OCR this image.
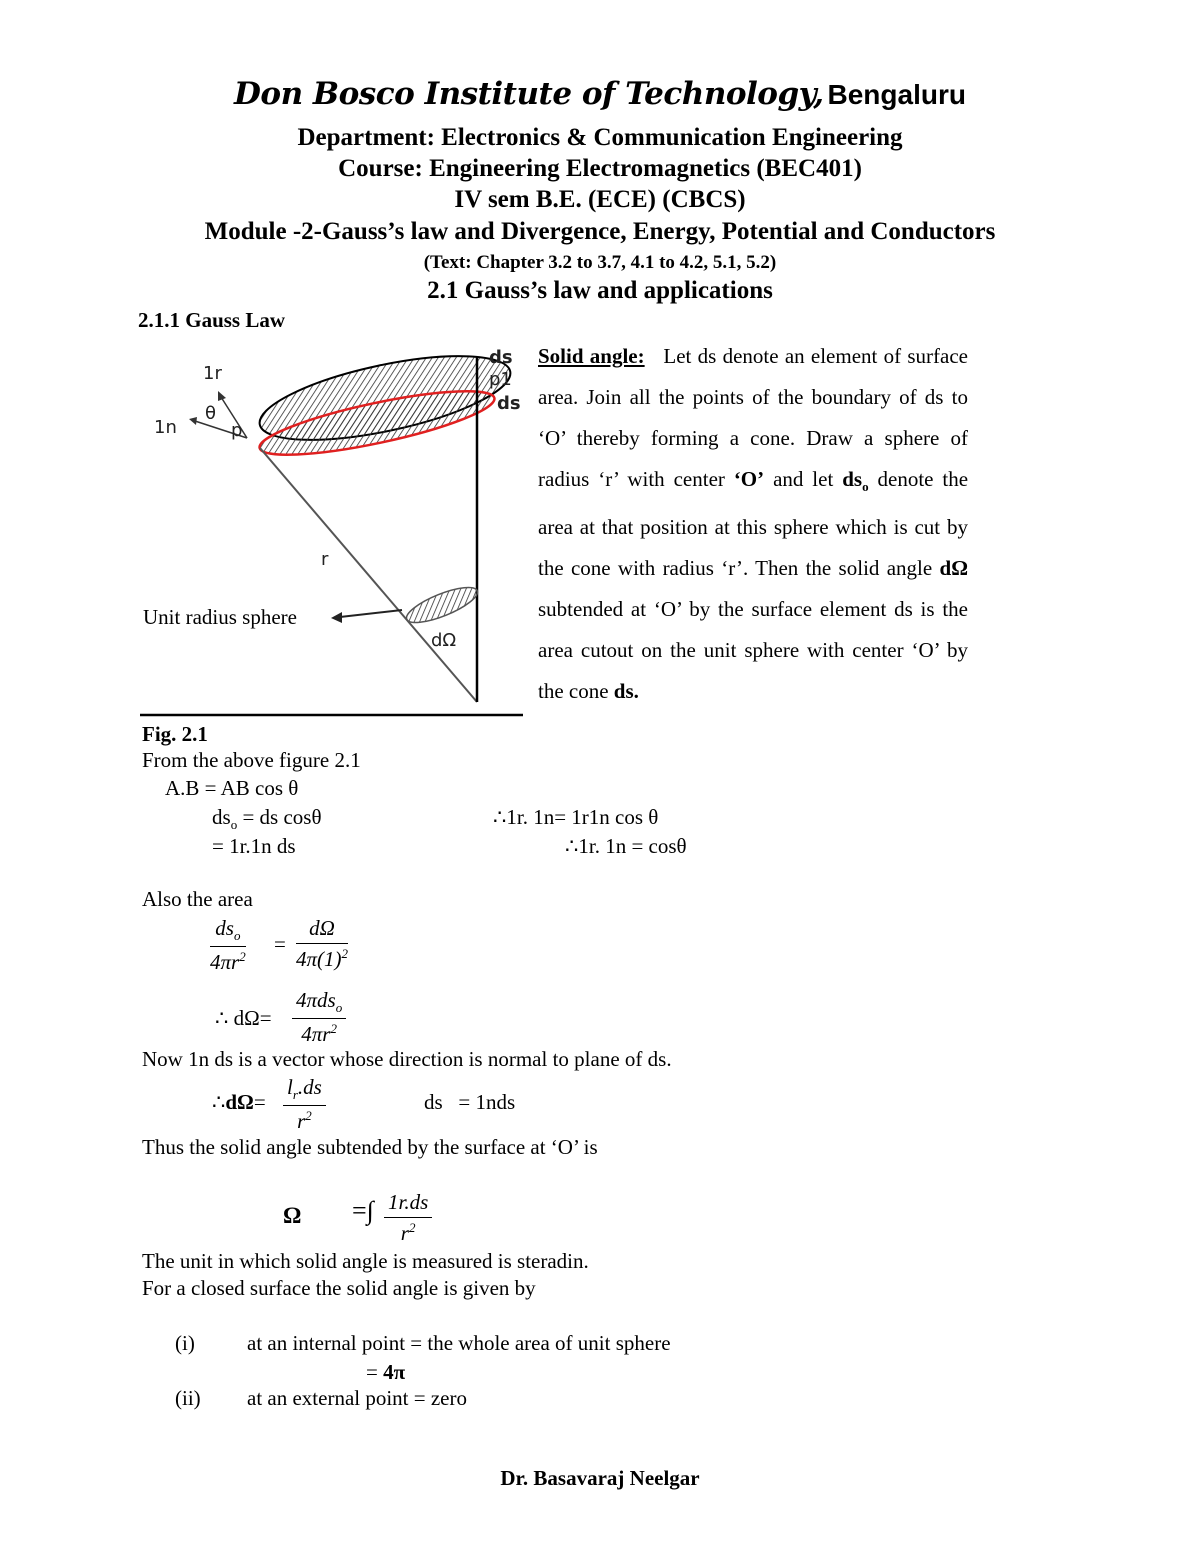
Don Bosco Institute of Technology, Bengaluru
Department: Electronics & Communication Engineering
Course: Engineering Electromagnetics (BEC401)
IV sem B.E. (ECE) (CBCS)
Module -2-Gauss’s law and Divergence, Energy, Potential and Conductors
(Text: Chapter 3.2 to 3.7, 4.1 to 4.2, 5.1, 5.2)
2.1 Gauss’s law and applications
2.1.1 Gauss Law
ds
p1
ds
1r
θ
1n	p
r
Unit radius sphere
dΩ
Fig. 2.1

Solid angle: Let ds denote an element of surface area. Join all the points of the boundary of ds to ‘O’ thereby forming a cone. Draw a sphere of radius ‘r’ with center ‘O’ and let $ds_o$ denote the area at that position at this sphere which is cut by the cone with radius ‘r’. Then the solid angle dΩ subtended at ‘O’ by the surface element ds is the area cutout on the unit sphere with center ‘O’ by the cone ds.

From the above figure 2.1
A.B = AB cos θ
$ds_o$ = ds cosθ	∴1r. 1n= 1r1n cos θ
= 1r.1n ds	∴1r. 1n = cosθ
Also the area
$ds_o$
$4\pi r^2$
= $\frac{d\Omega}{4\pi(1)^2}$
∴ dΩ=
4πds$_o$
$4\pi r^2$
Now 1n ds is a vector whose direction is normal to plane of ds.
∴dΩ= $\frac{l_r.ds}{r^2}$	ds   = 1nds
Thus the solid angle subtended by the surface at ‘O’ is
Ω =∫ $\frac{1r.ds}{r^2}$
The unit in which solid angle is measured is steradin.
For a closed surface the solid angle is given by
(i) at an internal point = the whole area of unit sphere
= 4π
(ii) at an external point = zero
Dr. Basavaraj Neelgar
